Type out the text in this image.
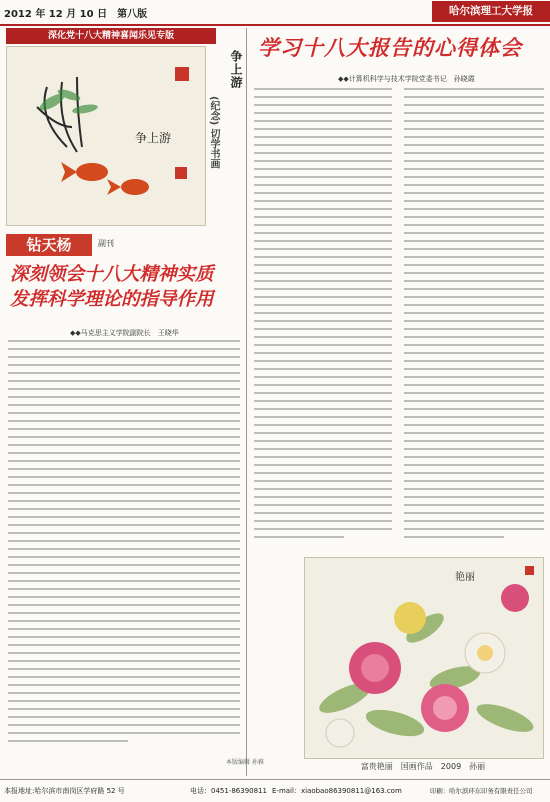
2012 年 12 月 10 日　第八版	哈尔滨理工大学报
深化党十八大精神喜闻乐见专版
争上游
争上游
(纪念) 切学书画
钻天杨	副刊
深刻领会十八大精神实质
发挥科学理论的指导作用
◆◆马克思主义学院副院长　王晓华
学习十八大报告的心得体会
◆◆计算机科学与技术学院党委书记　孙晓霞
艳丽
富贵艳丽　国画作品　2009　孙丽
本版编辑 孙雅
本报地址:哈尔滨市南岗区学府路 52 号	电话：0451-86390811 E-mail：xiaobao86390811@163.com	印刷：哈尔滨环东印务有限责任公司
